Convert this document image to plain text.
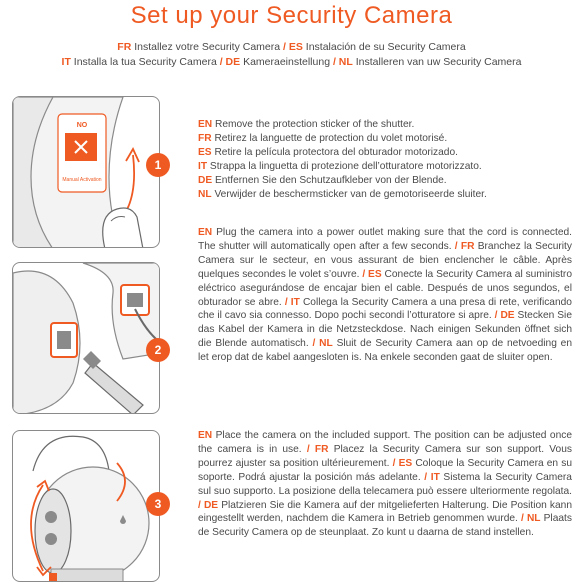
Set up your Security Camera
FR Installez votre Security Camera / ES Instalación de su Security Camera
IT Installa la tua Security Camera / DE Kameraeinstellung / NL Installeren van uw Security Camera
NO
Manual Activation
1
EN Remove the protection sticker of the shutter.
FR Retirez la languette de protection du volet motorisé.
ES Retire la película protectora del obturador motorizado.
IT Strappa la linguetta di protezione dell’otturatore motorizzato.
DE Entfernen Sie den Schutzaufkleber von der Blende.
NL Verwijder de beschermsticker van de gemotoriseerde sluiter.
2
EN Plug the camera into a power outlet making sure that the cord is connected. The shutter will automatically open after a few seconds. / FR Branchez la Security Camera sur le secteur, en vous assurant de bien enclencher le câble. Après quelques secondes le volet s’ouvre. / ES Conecte la Security Camera al suministro eléctrico asegurándose de encajar bien el cable. Después de unos segundos, el obturador se abre. / IT Collega la Security Camera a una presa di rete, verificando che il cavo sia connesso. Dopo pochi secondi l’otturatore si apre. / DE Stecken Sie das Kabel der Kamera in die Netzsteckdose. Nach einigen Sekunden öffnet sich die Blende automatisch. / NL Sluit de Security Camera aan op de netvoeding en let erop dat de kabel aangesloten is. Na enkele seconden gaat de sluiter open.
3
EN Place the camera on the included support. The position can be adjusted once the camera is in use. / FR Placez la Security Camera sur son support. Vous pourrez ajuster sa position ultérieurement. / ES Coloque la Security Camera en su soporte. Podrá ajustar la posición más adelante. / IT Sistema la Security Camera sul suo supporto. La posizione della telecamera può essere ulteriormente regolata. / DE Platzieren Sie die Kamera auf der mitgelieferten Halterung. Die Position kann eingestellt werden, nachdem die Kamera in Betrieb genommen wurde. / NL Plaats de Security Camera op de steunplaat. Zo kunt u daarna de stand instellen.
